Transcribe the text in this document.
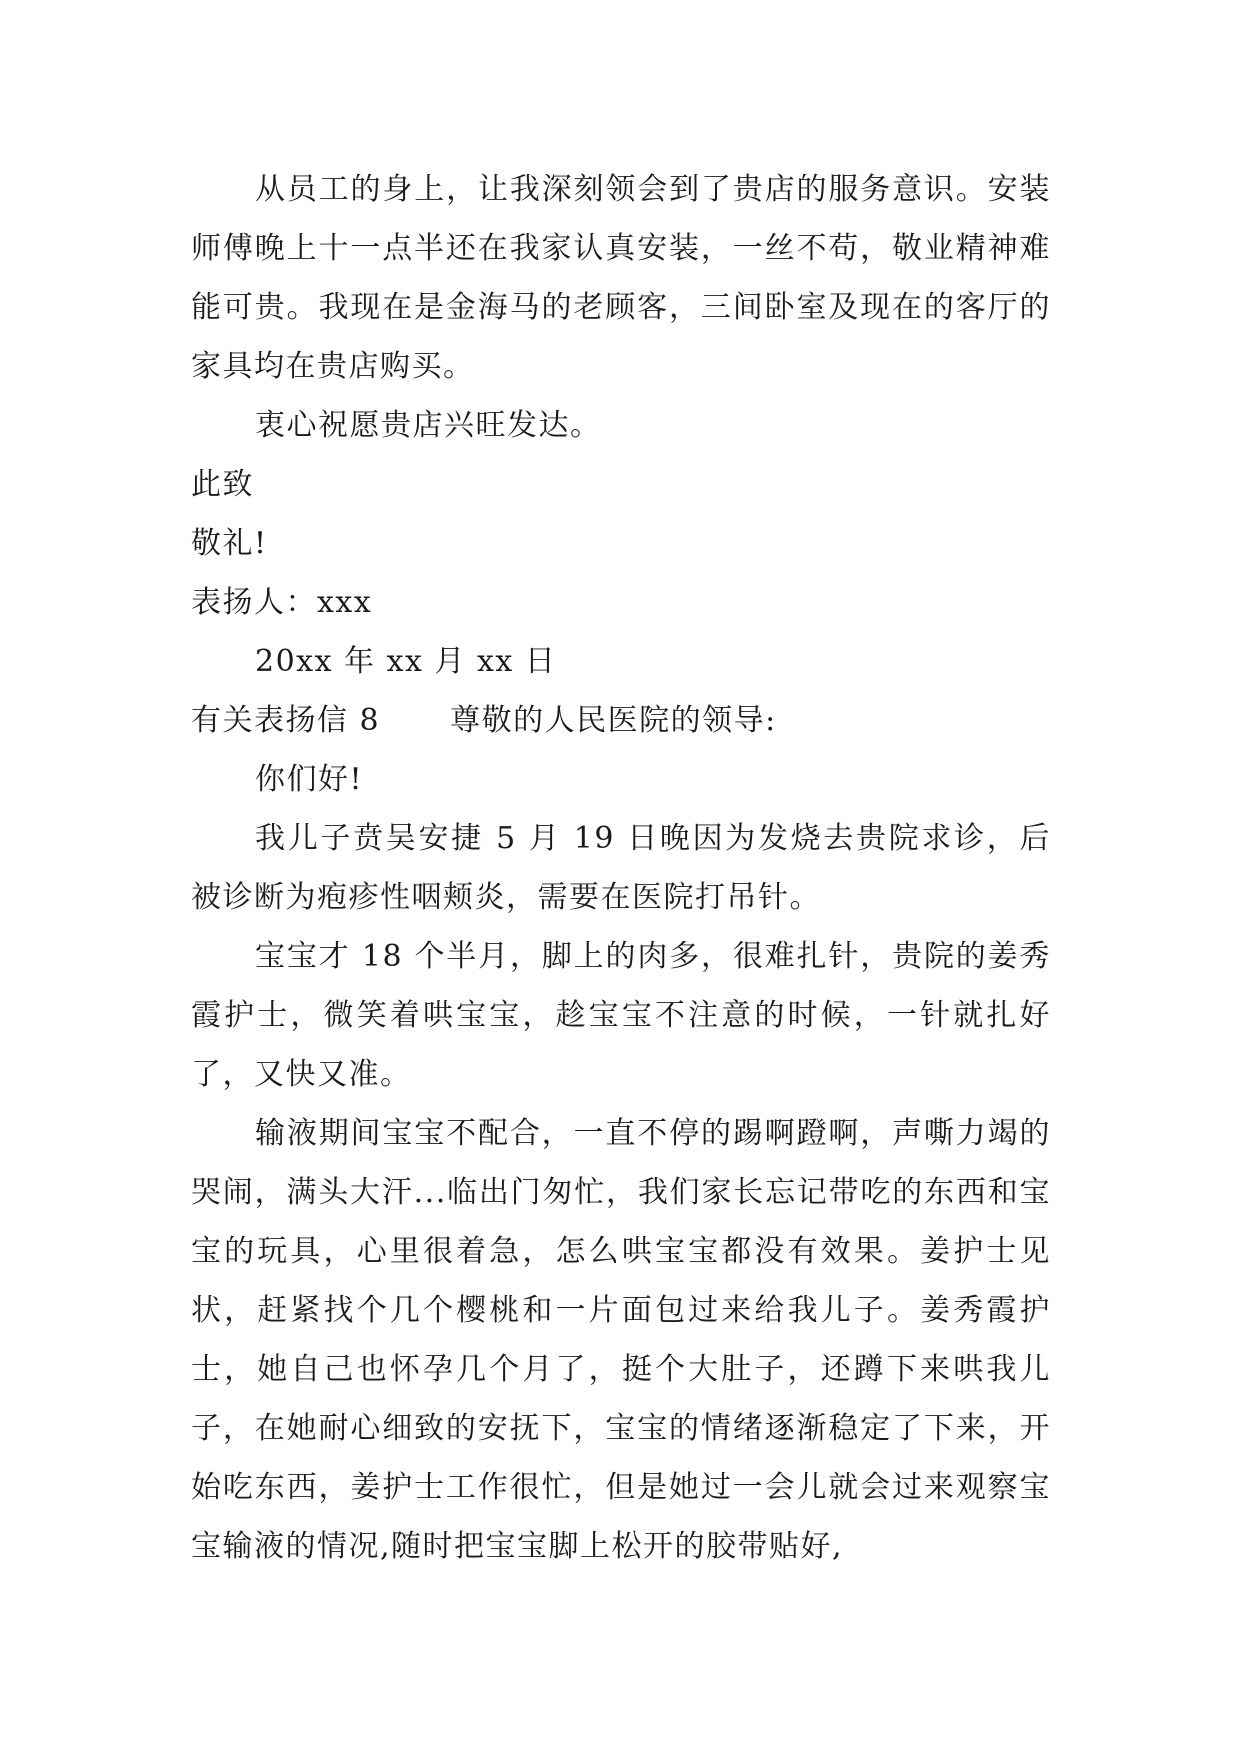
从员工的身上，让我深刻领会到了贵店的服务意识。安装师傅晚上十一点半还在我家认真安装，一丝不苟，敬业精神难能可贵。我现在是金海马的老顾客，三间卧室及现在的客厅的家具均在贵店购买。

衷心祝愿贵店兴旺发达。

此致

敬礼!

表扬人：xxx

20xx 年 xx 月 xx 日

有关表扬信 8 尊敬的人民医院的领导:

你们好!

我儿子贲吴安捷 5 月 19 日晚因为发烧去贵院求诊，后被诊断为疱疹性咽颊炎，需要在医院打吊针。

宝宝才 18 个半月，脚上的肉多，很难扎针，贵院的姜秀霞护士，微笑着哄宝宝，趁宝宝不注意的时候，一针就扎好了，又快又准。

输液期间宝宝不配合，一直不停的踢啊蹬啊，声嘶力竭的哭闹，满头大汗...临出门匆忙，我们家长忘记带吃的东西和宝宝的玩具，心里很着急，怎么哄宝宝都没有效果。姜护士见状，赶紧找个几个樱桃和一片面包过来给我儿子。姜秀霞护士，她自己也怀孕几个月了，挺个大肚子，还蹲下来哄我儿子，在她耐心细致的安抚下，宝宝的情绪逐渐稳定了下来，开始吃东西，姜护士工作很忙，但是她过一会儿就会过来观察宝宝输液的情况,随时把宝宝脚上松开的胶带贴好,
